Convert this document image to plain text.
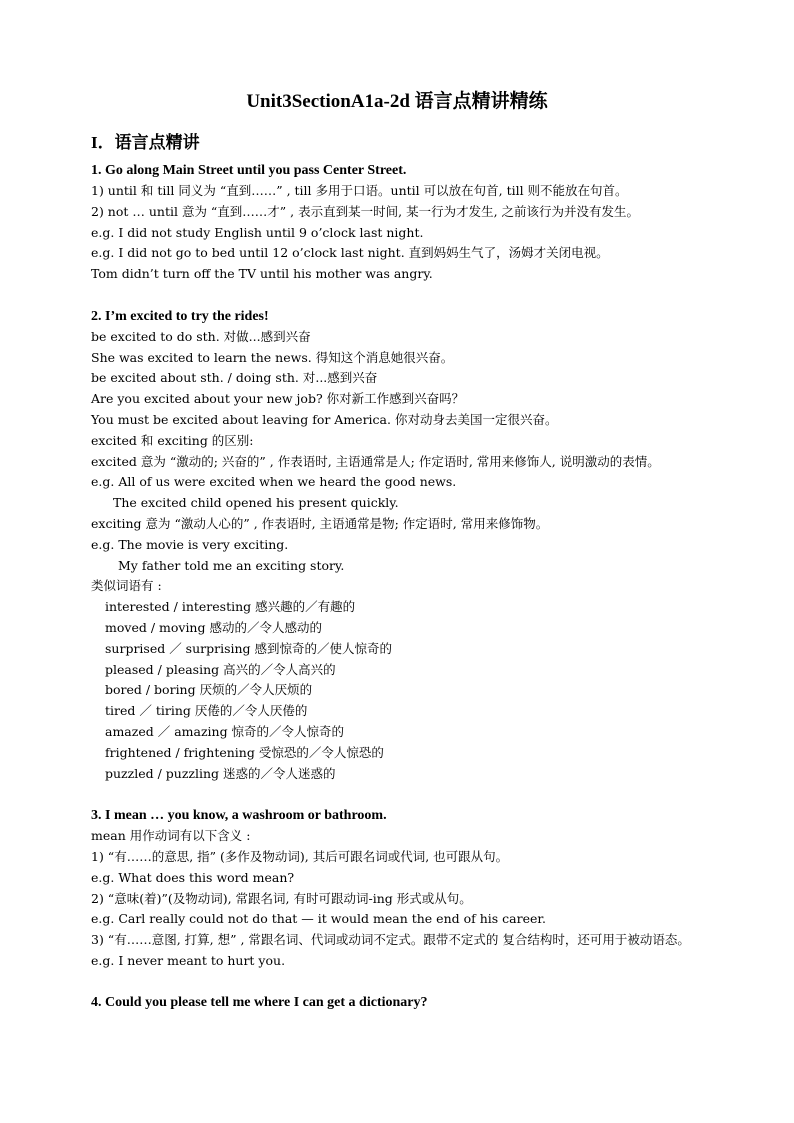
Unit3SectionA1a-2d 语言点精讲精练
I．语言点精讲
1. Go along Main Street until you pass Center Street.
1) until 和 till 同义为 “直到……” , till 多用于口语。until 可以放在句首, till 则不能放在句首。
2) not … until 意为 “直到……才” , 表示直到某一时间, 某一行为才发生, 之前该行为并没有发生。
e.g. I did not study English until 9 o’clock last night.
e.g. I did not go to bed until 12 o’clock last night. 直到妈妈生气了，汤姆才关闭电视。
Tom didn’t turn off the TV until his mother was angry.
2. I’m excited to try the rides!
be excited to do sth. 对做...感到兴奋
She was excited to learn the news. 得知这个消息她很兴奋。
be excited about sth. / doing sth. 对...感到兴奋
Are you excited about your new job? 你对新工作感到兴奋吗？
You must be excited about leaving for America. 你对动身去美国一定很兴奋。
excited 和 exciting 的区别:
excited 意为 “激动的; 兴奋的” , 作表语时, 主语通常是人; 作定语时, 常用来修饰人, 说明激动的表情。
e.g. All of us were excited when we heard the good news.
The excited child opened his present quickly.
exciting 意为 “激动人心的” , 作表语时, 主语通常是物; 作定语时, 常用来修饰物。
e.g. The movie is very exciting.
My father told me an exciting story.
类似词语有 :
interested / interesting 感兴趣的／有趣的
moved / moving 感动的／令人感动的
surprised ／ surprising 感到惊奇的／使人惊奇的
pleased / pleasing 高兴的／令人高兴的
bored / boring 厌烦的／令人厌烦的
tired ／ tiring 厌倦的／令人厌倦的
amazed ／ amazing 惊奇的／令人惊奇的
frightened / frightening 受惊恐的／令人惊恐的
puzzled / puzzling 迷惑的／令人迷惑的
3. I mean … you know, a washroom or bathroom.
mean 用作动词有以下含义 :
1) “有……的意思, 指” (多作及物动词), 其后可跟名词或代词, 也可跟从句。
e.g. What does this word mean?
2) “意味(着)”(及物动词), 常跟名词, 有时可跟动词-ing 形式或从句。
e.g. Carl really could not do that — it would mean the end of his career.
3) “有……意图, 打算, 想” , 常跟名词、代词或动词不定式。跟带不定式的 复合结构时，还可用于被动语态。
e.g. I never meant to hurt you.
4. Could you please tell me where I can get a dictionary?
